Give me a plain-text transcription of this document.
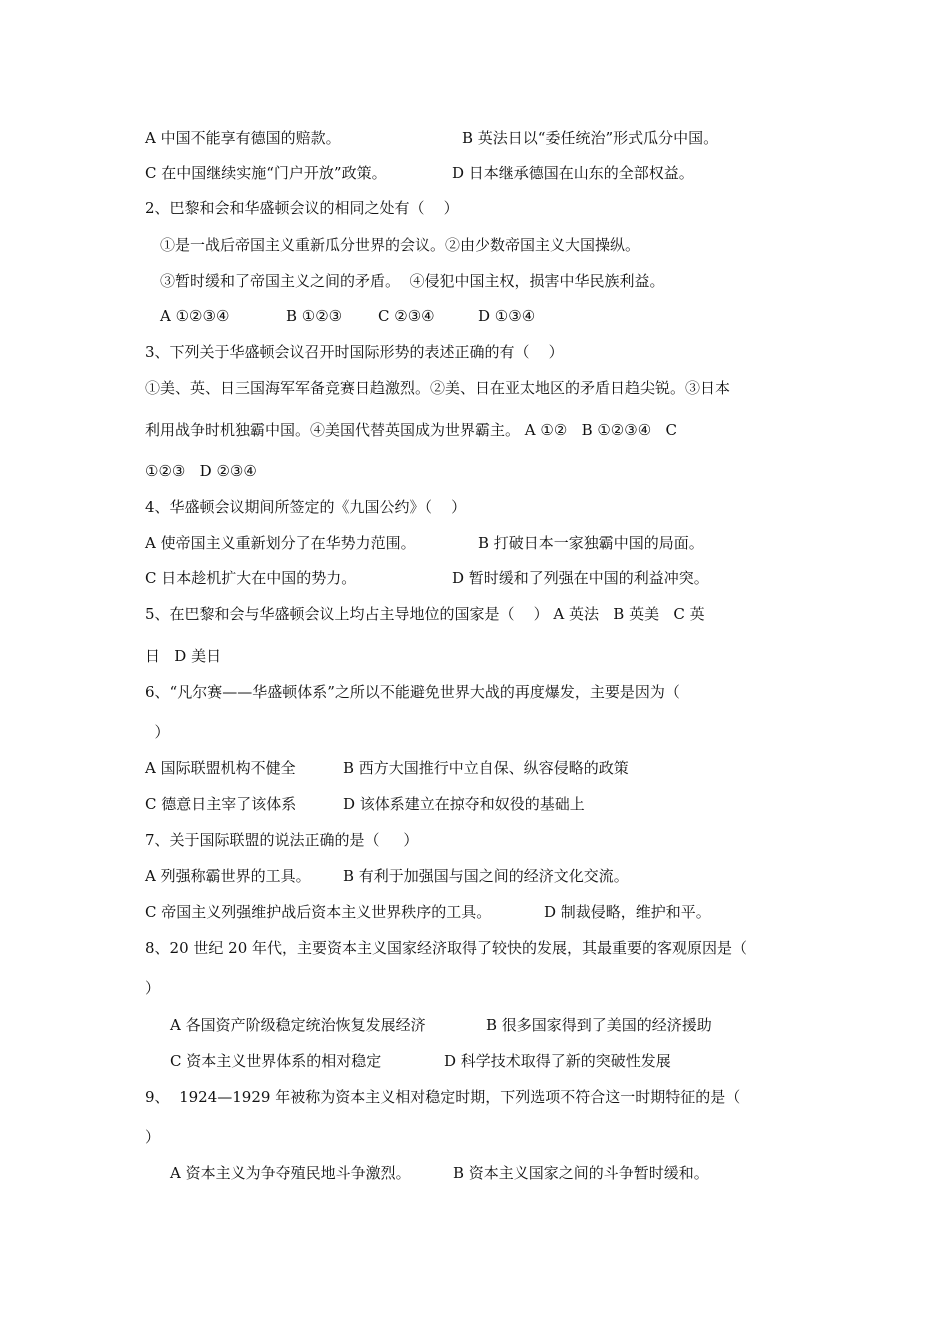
A 中国不能享有德国的赔款。	B 英法日以“委任统治”形式瓜分中国。
C 在中国继续实施“门户开放”政策。	D 日本继承德国在山东的全部权益。
2、巴黎和会和华盛顿会议的相同之处有（    ）
①是一战后帝国主义重新瓜分世界的会议。②由少数帝国主义大国操纵。
③暂时缓和了帝国主义之间的矛盾。  ④侵犯中国主权，损害中华民族利益。
A ①②③④	B ①②③ C ②③④	D ①③④
3、下列关于华盛顿会议召开时国际形势的表述正确的有（    ）
①美、英、日三国海军军备竞赛日趋激烈。②美、日在亚太地区的矛盾日趋尖锐。③日本
利用战争时机独霸中国。④美国代替英国成为世界霸主。 A ①②   B ①②③④   C
①②③   D ②③④
4、华盛顿会议期间所签定的《九国公约》（    ）
A 使帝国主义重新划分了在华势力范围。	B 打破日本一家独霸中国的局面。
C 日本趁机扩大在中国的势力。	D 暂时缓和了列强在中国的利益冲突。
5、在巴黎和会与华盛顿会议上均占主导地位的国家是（    ） A 英法   B 英美   C 英
日   D 美日
6、“凡尔赛——华盛顿体系”之所以不能避免世界大战的再度爆发，主要是因为（
）
A 国际联盟机构不健全	B 西方大国推行中立自保、纵容侵略的政策
C 德意日主宰了该体系	D 该体系建立在掠夺和奴役的基础上
7、关于国际联盟的说法正确的是（     ）
A 列强称霸世界的工具。 B 有利于加强国与国之间的经济文化交流。
C 帝国主义列强维护战后资本主义世界秩序的工具。	D 制裁侵略，维护和平。
8、20 世纪 20 年代，主要资本主义国家经济取得了较快的发展，其最重要的客观原因是（
）
A 各国资产阶级稳定统治恢复发展经济	B 很多国家得到了美国的经济援助
C 资本主义世界体系的相对稳定	D 科学技术取得了新的突破性发展
9、  1924—1929 年被称为资本主义相对稳定时期，下列选项不符合这一时期特征的是（
）
A 资本主义为争夺殖民地斗争激烈。	B 资本主义国家之间的斗争暂时缓和。
